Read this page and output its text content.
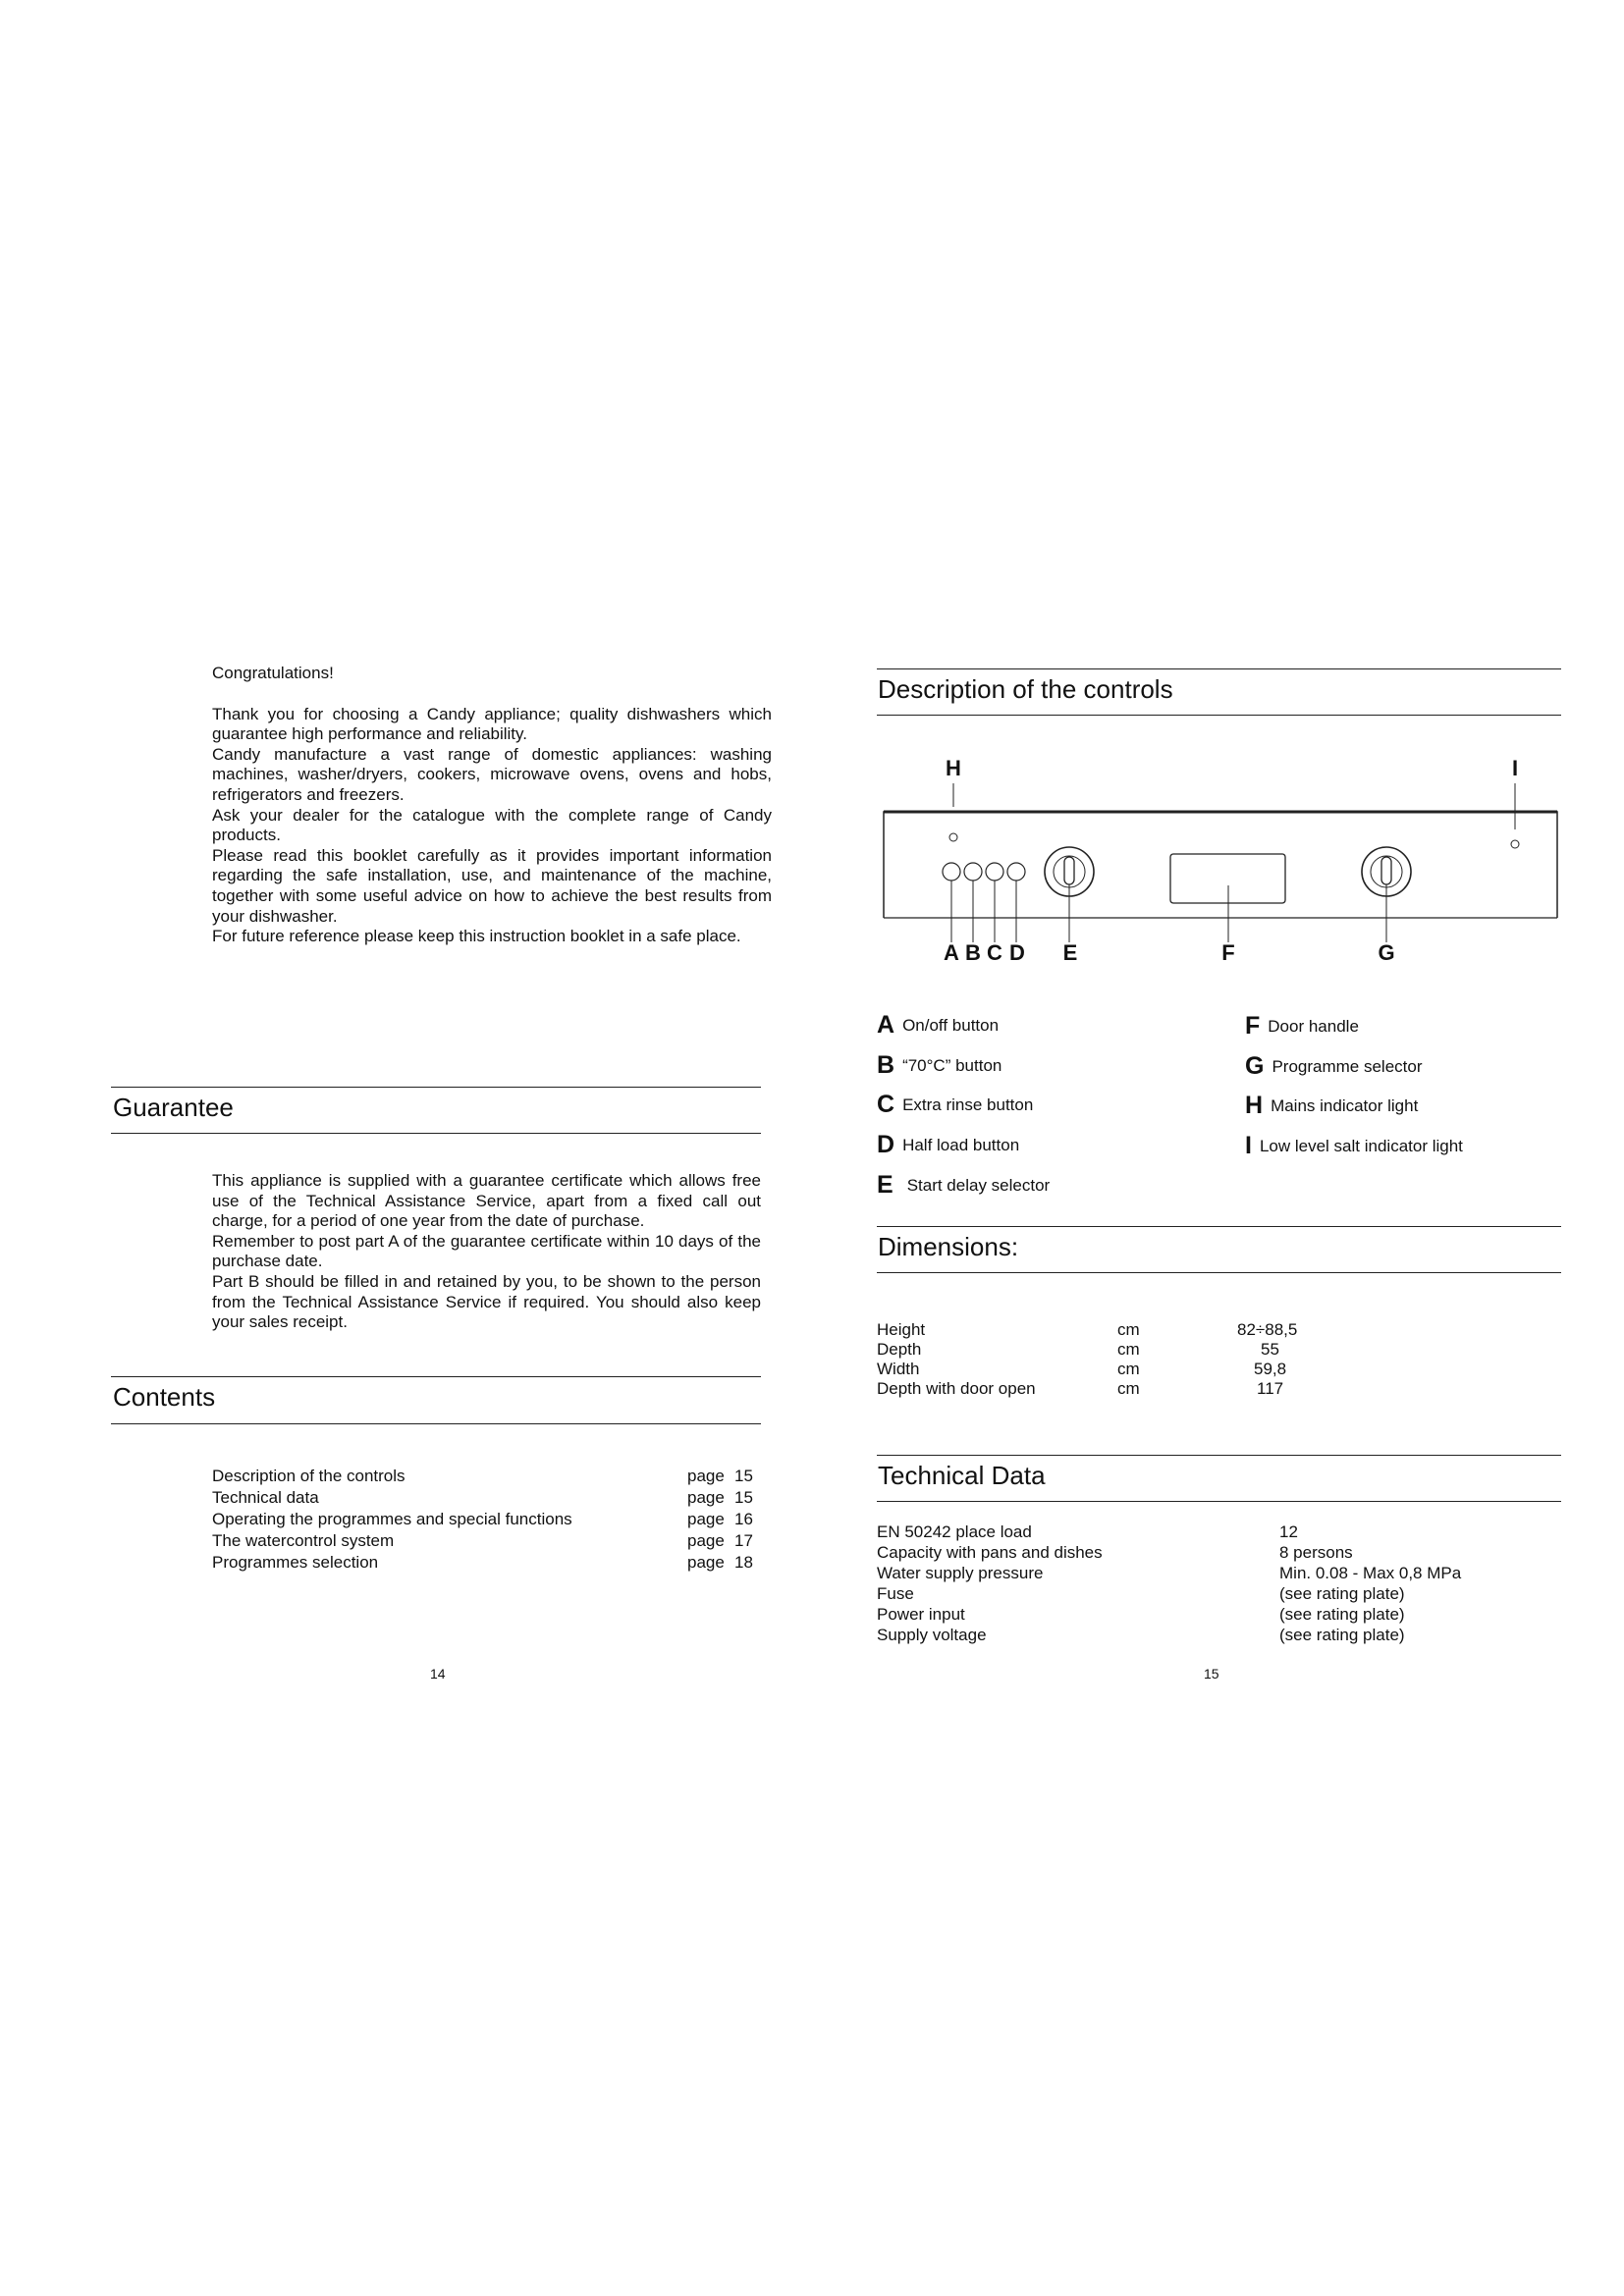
Congratulations!

Thank you for choosing a Candy appliance; quality dishwashers which guarantee high performance and reliability.

Candy manufacture a vast range of domestic appliances: washing machines, washer/dryers, cookers, microwave ovens, ovens and hobs, refrigerators and freezers.

Ask your dealer for the catalogue with the complete range of Candy products.

Please read this booklet carefully as it provides important information regarding the safe installation, use, and maintenance of the machine, together with some useful advice on how to achieve the best results from your dishwasher.

For future reference please keep this instruction booklet in a safe place.

Guarantee

This appliance is supplied with a guarantee certificate which allows free use of the Technical Assistance Service, apart from a fixed call out charge, for a period of one year from the date of purchase.

Remember to post part A of the guarantee certificate within 10 days of the purchase date.

Part B should be filled in and retained by you, to be shown to the person from the Technical Assistance Service if required. You should also keep your sales receipt.

Contents
Description of the controls	page 15
Technical data	page 15
Operating the programmes and special functions	page 16
The watercontrol system	page 17
Programmes selection	page 18
14
Description of the controls
H	I
A B C D E	F	G
A On/off button
B “70°C” button
C Extra rinse button
D Half load button
E Start delay selector
F Door handle
G Programme selector
H Mains indicator light
I Low level salt indicator light
Dimensions:
Height	cm	82÷88,5
Depth	cm	55
Width	cm	59,8
Depth with door open	cm	117
Technical Data
EN 50242 place load	12
Capacity with pans and dishes	8 persons
Water supply pressure	Min. 0.08 - Max 0,8 MPa
Fuse	(see rating plate)
Power input	(see rating plate)
Supply voltage	(see rating plate)
15
